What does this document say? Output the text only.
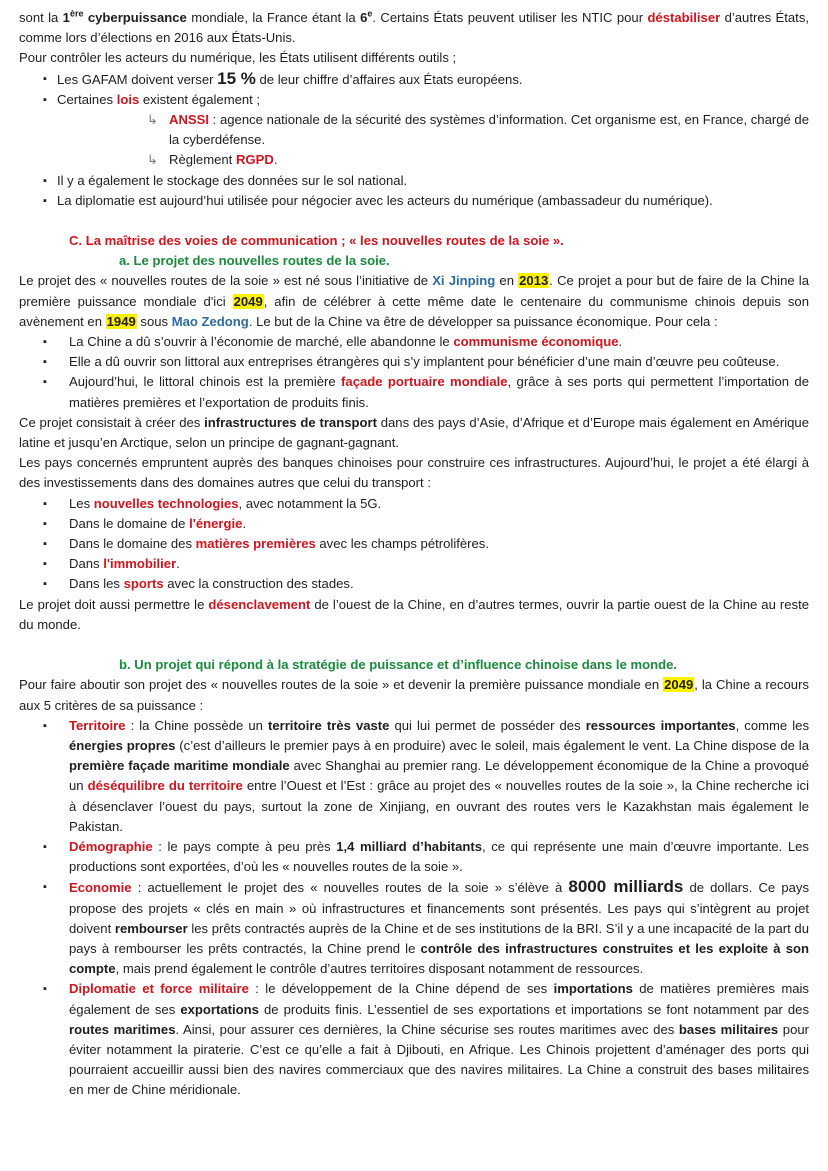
sont la 1ère cyberpuissance mondiale, la France étant la 6e. Certains États peuvent utiliser les NTIC pour déstabiliser d’autres États, comme lors d’élections en 2016 aux États-Unis.

Pour contrôler les acteurs du numérique, les États utilisent différents outils ;

▪ Les GAFAM doivent verser 15 % de leur chiffre d’affaires aux États européens.
▪ Certaines lois existent également ;
↳ ANSSI : agence nationale de la sécurité des systèmes d’information. Cet organisme est, en France, chargé de la cyberdéfense.
↳ Règlement RGPD.
▪ Il y a également le stockage des données sur le sol national.
▪ La diplomatie est aujourd’hui utilisée pour négocier avec les acteurs du numérique (ambassadeur du numérique).

C. La maîtrise des voies de communication ; « les nouvelles routes de la soie ».

a. Le projet des nouvelles routes de la soie.

Le projet des « nouvelles routes de la soie » est né sous l’initiative de Xi Jinping en 2013. Ce projet a pour but de faire de la Chine la première puissance mondiale d'ici 2049, afin de célébrer à cette même date le centenaire du communisme chinois depuis son avènement en 1949 sous Mao Zedong. Le but de la Chine va être de développer sa puissance économique. Pour cela :

▪ La Chine a dû s’ouvrir à l’économie de marché, elle abandonne le communisme économique.
▪ Elle a dû ouvrir son littoral aux entreprises étrangères qui s’y implantent pour bénéficier d’une main d’œuvre peu coûteuse.
▪ Aujourd’hui, le littoral chinois est la première façade portuaire mondiale, grâce à ses ports qui permettent l’importation de matières premières et l’exportation de produits finis.

Ce projet consistait à créer des infrastructures de transport dans des pays d’Asie, d’Afrique et d’Europe mais également en Amérique latine et jusqu’en Arctique, selon un principe de gagnant-gagnant.

Les pays concernés empruntent auprès des banques chinoises pour construire ces infrastructures. Aujourd’hui, le projet a été élargi à des investissements dans des domaines autres que celui du transport :

▪ Les nouvelles technologies, avec notamment la 5G.
▪ Dans le domaine de l'énergie.
▪ Dans le domaine des matières premières avec les champs pétrolifères.
▪ Dans l'immobilier.
▪ Dans les sports avec la construction des stades.

Le projet doit aussi permettre le désenclavement de l’ouest de la Chine, en d’autres termes, ouvrir la partie ouest de la Chine au reste du monde.

b. Un projet qui répond à la stratégie de puissance et d’influence chinoise dans le monde.

Pour faire aboutir son projet des « nouvelles routes de la soie » et devenir la première puissance mondiale en 2049, la Chine a recours aux 5 critères de sa puissance :

▪ Territoire : la Chine possède un territoire très vaste qui lui permet de posséder des ressources importantes, comme les énergies propres (c’est d’ailleurs le premier pays à en produire) avec le soleil, mais également le vent. La Chine dispose de la première façade maritime mondiale avec Shanghai au premier rang. Le développement économique de la Chine a provoqué un déséquilibre du territoire entre l’Ouest et l’Est : grâce au projet des « nouvelles routes de la soie », la Chine recherche ici à désenclaver l’ouest du pays, surtout la zone de Xinjiang, en ouvrant des routes vers le Kazakhstan mais également le Pakistan.
▪ Démographie : le pays compte à peu près 1,4 milliard d’habitants, ce qui représente une main d’œuvre importante. Les productions sont exportées, d’où les « nouvelles routes de la soie ».
▪ Economie : actuellement le projet des « nouvelles routes de la soie » s’élève à 8000 milliards de dollars. Ce pays propose des projets « clés en main » où infrastructures et financements sont présentés. Les pays qui s’intègrent au projet doivent rembourser les prêts contractés auprès de la Chine et de ses institutions de la BRI. S’il y a une incapacité de la part du pays à rembourser les prêts contractés, la Chine prend le contrôle des infrastructures construites et les exploite à son compte, mais prend également le contrôle d’autres territoires disposant notamment de ressources.
▪ Diplomatie et force militaire : le développement de la Chine dépend de ses importations de matières premières mais également de ses exportations de produits finis. L’essentiel de ses exportations et importations se font notamment par des routes maritimes. Ainsi, pour assurer ces dernières, la Chine sécurise ses routes maritimes avec des bases militaires pour éviter notamment la piraterie. C’est ce qu’elle a fait à Djibouti, en Afrique. Les Chinois projettent d’aménager des ports qui pourraient accueillir aussi bien des navires commerciaux que des navires militaires. La Chine a construit des bases militaires en mer de Chine méridionale.
